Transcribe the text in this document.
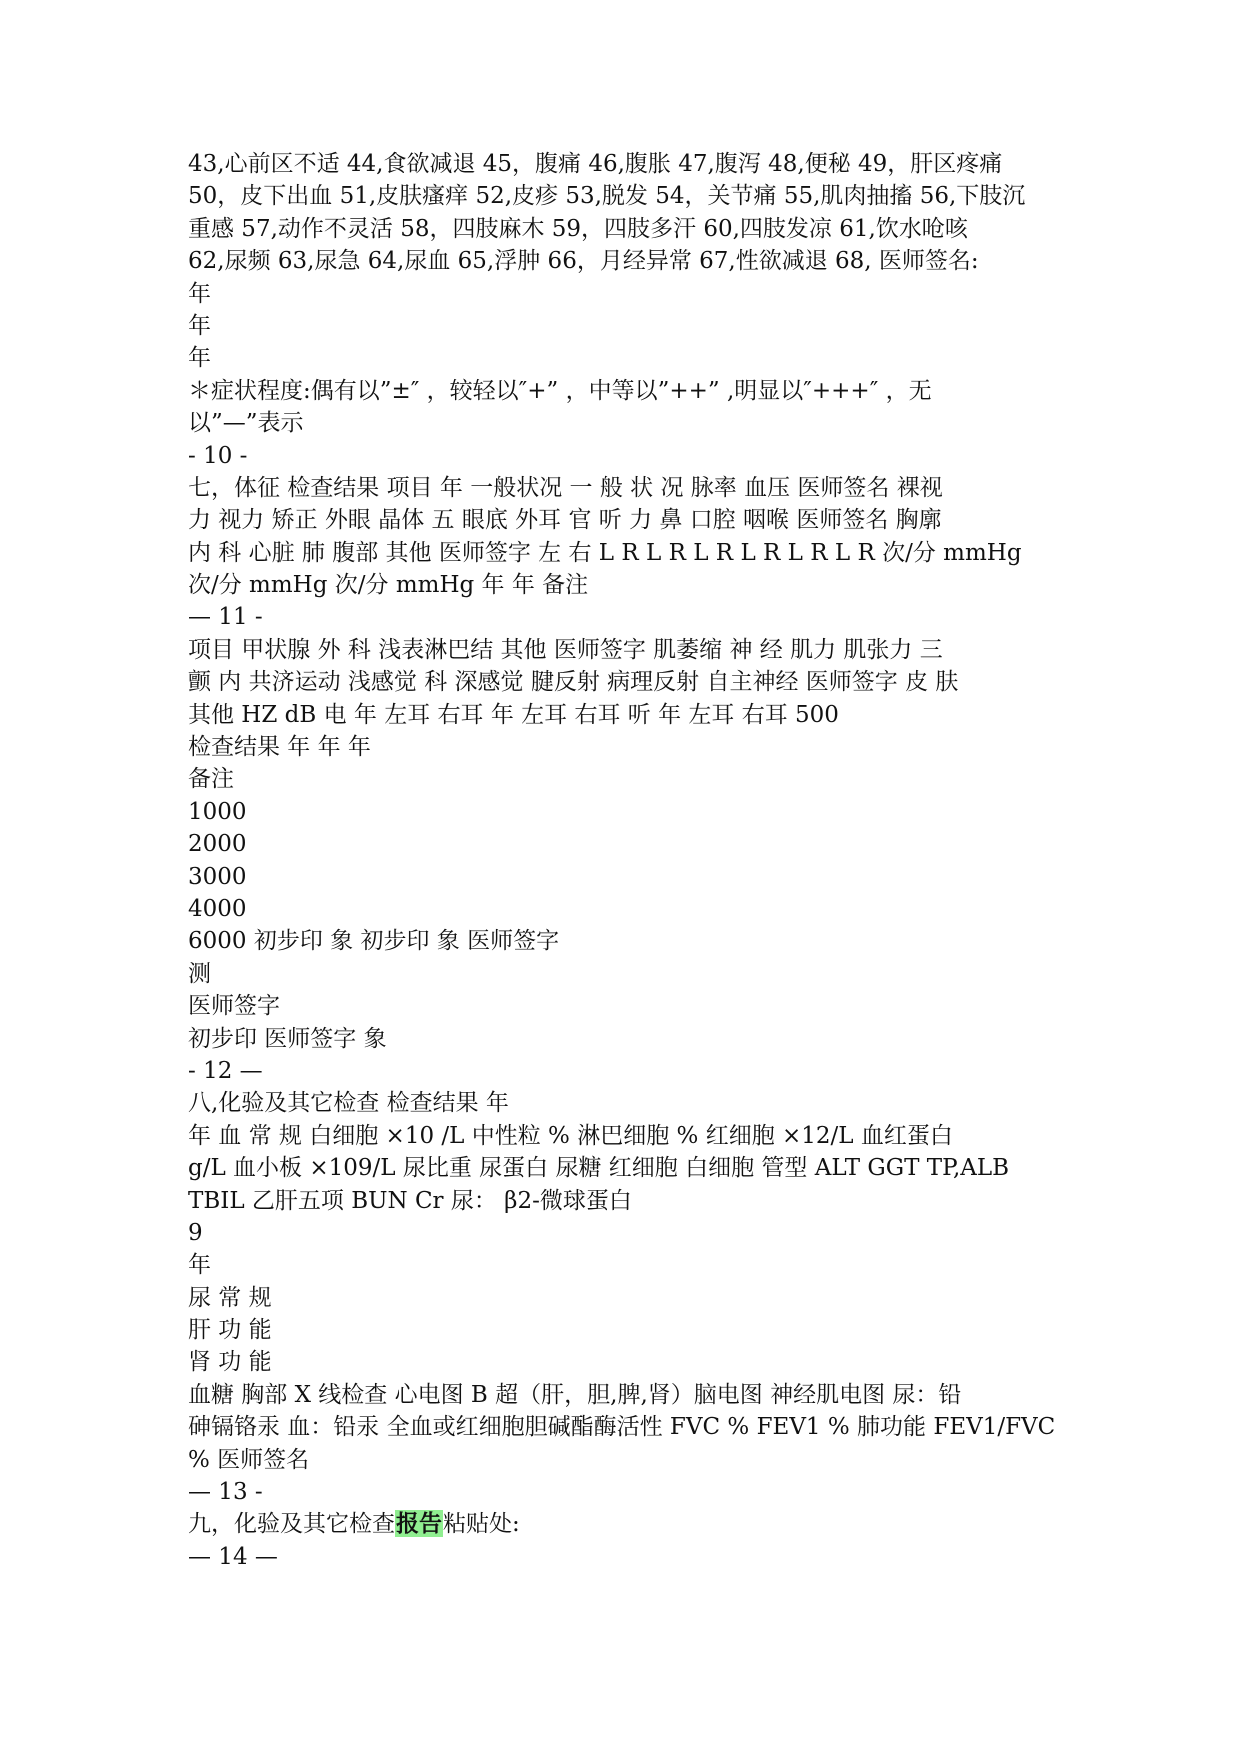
43,心前区不适 44,食欲减退 45，腹痛 46,腹胀 47,腹泻 48,便秘 49，肝区疼痛
50，皮下出血 51,皮肤瘙痒 52,皮疹 53,脱发 54，关节痛 55,肌肉抽搐 56,下肢沉
重感 57,动作不灵活 58，四肢麻木 59，四肢多汗 60,四肢发凉 61,饮水呛咳
62,尿频 63,尿急 64,尿血 65,浮肿 66，月经异常 67,性欲减退 68, 医师签名:
年
年
年
＊症状程度:偶有以”±″ ，较轻以″+” ，中等以”++” ,明显以″+++″ ，无
以”—”表示
- 10 -
七，体征 检查结果 项目 年 一般状况 一 般 状 况 脉率 血压 医师签名 裸视
力 视力 矫正 外眼 晶体 五 眼底 外耳 官 听 力 鼻 口腔 咽喉 医师签名 胸廓
内 科 心脏 肺 腹部 其他 医师签字 左 右 L R L R L R L R L R L R 次/分 mmHg
次/分 mmHg 次/分 mmHg 年 年 备注
— 11 -
项目 甲状腺 外 科 浅表淋巴结 其他 医师签字 肌萎缩 神 经 肌力 肌张力 三
颤 内 共济运动 浅感觉 科 深感觉 腱反射 病理反射 自主神经 医师签字 皮 肤
其他 HZ dB 电 年 左耳 右耳 年 左耳 右耳 听 年 左耳 右耳 500
检查结果 年 年 年
备注
1000
2000
3000
4000
6000 初步印 象 初步印 象 医师签字
测
医师签字
初步印 医师签字 象
- 12 —
八,化验及其它检查 检查结果 年
年 血 常 规 白细胞 ×10 /L 中性粒 % 淋巴细胞 % 红细胞 ×12/L 血红蛋白
g/L 血小板 ×109/L 尿比重 尿蛋白 尿糖 红细胞 白细胞 管型 ALT GGT TP,ALB
TBIL 乙肝五项 BUN Cr 尿： β2-微球蛋白
9
年
尿 常 规
肝 功 能
肾 功 能
血糖 胸部 X 线检查 心电图 B 超（肝，胆,脾,肾）脑电图 神经肌电图 尿：铅
砷镉铬汞 血：铅汞 全血或红细胞胆碱酯酶活性 FVC % FEV1 % 肺功能 FEV1/FVC
% 医师签名
— 13 -
九，化验及其它检查报告粘贴处:
— 14 —
